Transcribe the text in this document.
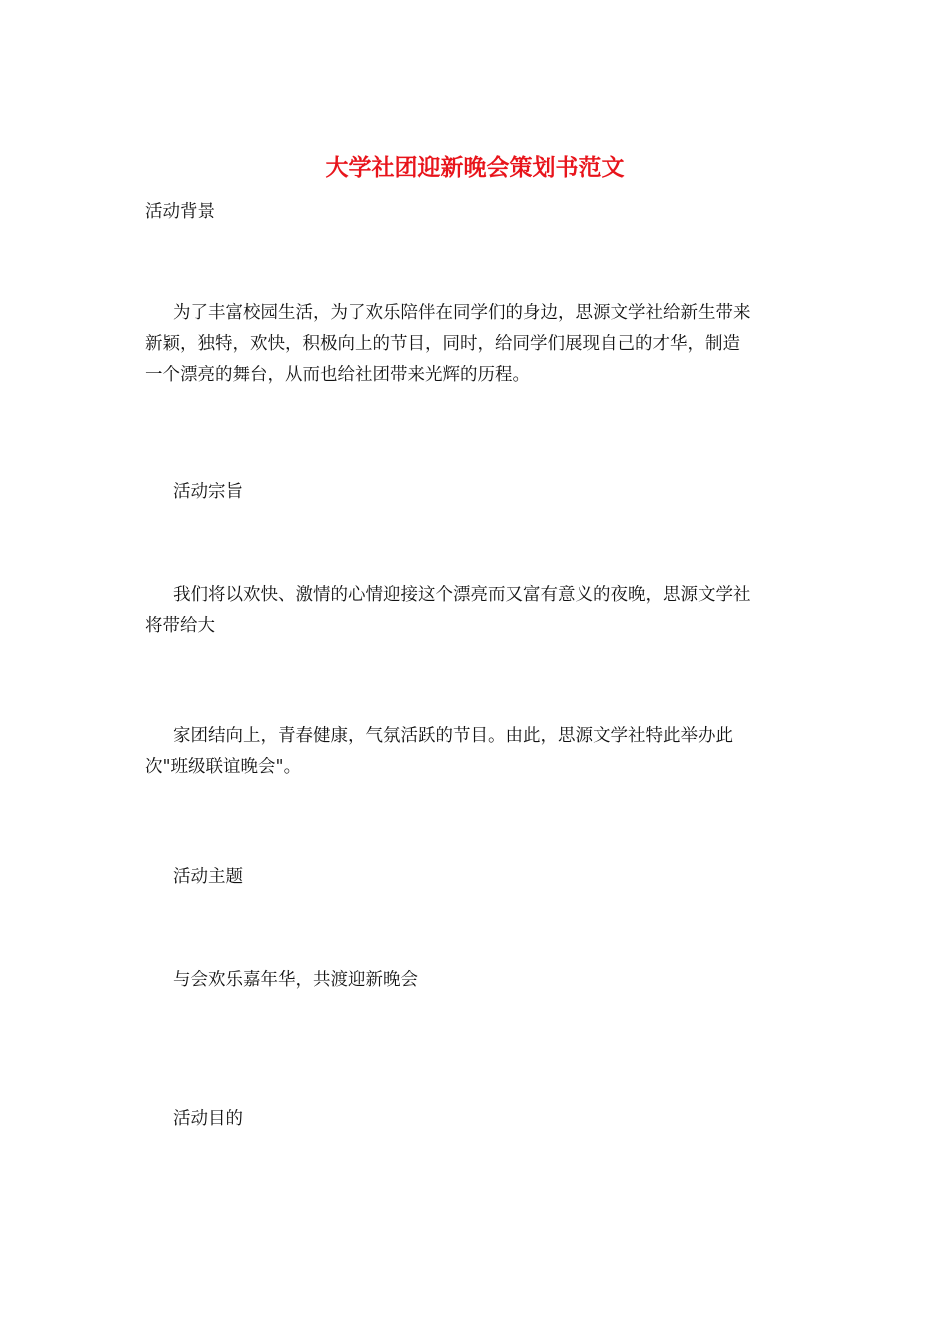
大学社团迎新晚会策划书范文

活动背景

为了丰富校园生活，为了欢乐陪伴在同学们的身边，思源文学社给新生带来
新颖，独特，欢快，积极向上的节目，同时，给同学们展现自己的才华，制造
一个漂亮的舞台，从而也给社团带来光辉的历程。

活动宗旨

我们将以欢快、激情的心情迎接这个漂亮而又富有意义的夜晚，思源文学社
将带给大

家团结向上，青春健康，气氛活跃的节目。由此，思源文学社特此举办此
次"班级联谊晚会"。

活动主题

与会欢乐嘉年华，共渡迎新晚会

活动目的
